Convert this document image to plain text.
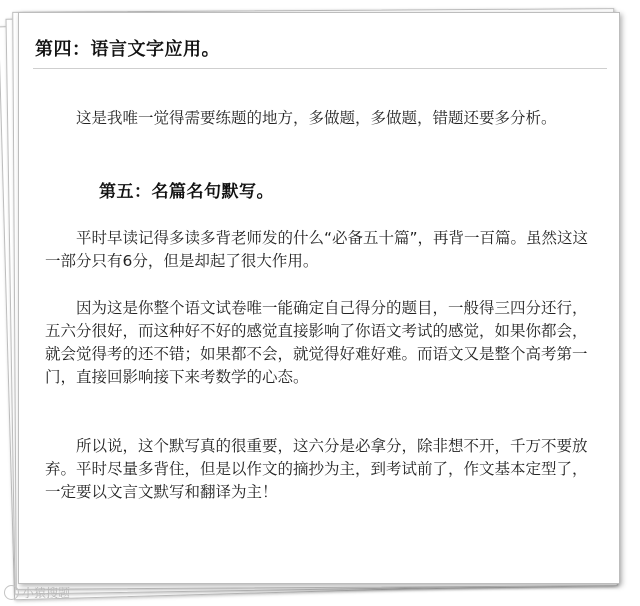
第四：语言文字应用。

这是我唯一觉得需要练题的地方，多做题，多做题，错题还要多分析。

第五：名篇名句默写。

平时早读记得多读多背老师发的什么“必备五十篇”，再背一百篇。虽然这这一部分只有6分，但是却起了很大作用。

因为这是你整个语文试卷唯一能确定自己得分的题目，一般得三四分还行，五六分很好，而这种好不好的感觉直接影响了你语文考试的感觉，如果你都会，就会觉得考的还不错；如果都不会，就觉得好难好难。而语文又是整个高考第一门，直接回影响接下来考数学的心态。

所以说，这个默写真的很重要，这六分是必拿分，除非想不开，千万不要放弃。平时尽量多背住，但是以作文的摘抄为主，到考试前了，作文基本定型了，一定要以文言文默写和翻译为主！

小猿搜题
